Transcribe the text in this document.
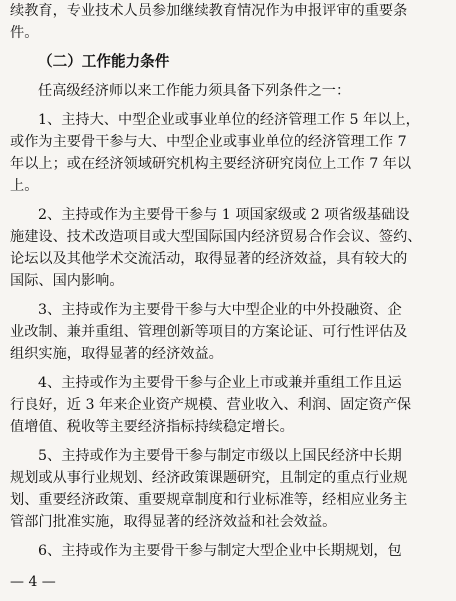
续教育，专业技术人员参加继续教育情况作为申报评审的重要条
件。
（二）工作能力条件
任高级经济师以来工作能力须具备下列条件之一：
1、主持大、中型企业或事业单位的经济管理工作 5 年以上，
或作为主要骨干参与大、中型企业或事业单位的经济管理工作 7
年以上；或在经济领域研究机构主要经济研究岗位上工作 7 年以
上。
2、主持或作为主要骨干参与 1 项国家级或 2 项省级基础设
施建设、技术改造项目或大型国际国内经济贸易合作会议、签约、
论坛以及其他学术交流活动，取得显著的经济效益，具有较大的
国际、国内影响。
3、主持或作为主要骨干参与大中型企业的中外投融资、企
业改制、兼并重组、管理创新等项目的方案论证、可行性评估及
组织实施，取得显著的经济效益。
4、主持或作为主要骨干参与企业上市或兼并重组工作且运
行良好，近 3 年来企业资产规模、营业收入、利润、固定资产保
值增值、税收等主要经济指标持续稳定增长。
5、主持或作为主要骨干参与制定市级以上国民经济中长期
规划或从事行业规划、经济政策课题研究，且制定的重点行业规
划、重要经济政策、重要规章制度和行业标准等，经相应业务主
管部门批准实施，取得显著的经济效益和社会效益。
6、主持或作为主要骨干参与制定大型企业中长期规划，包
— 4 —
